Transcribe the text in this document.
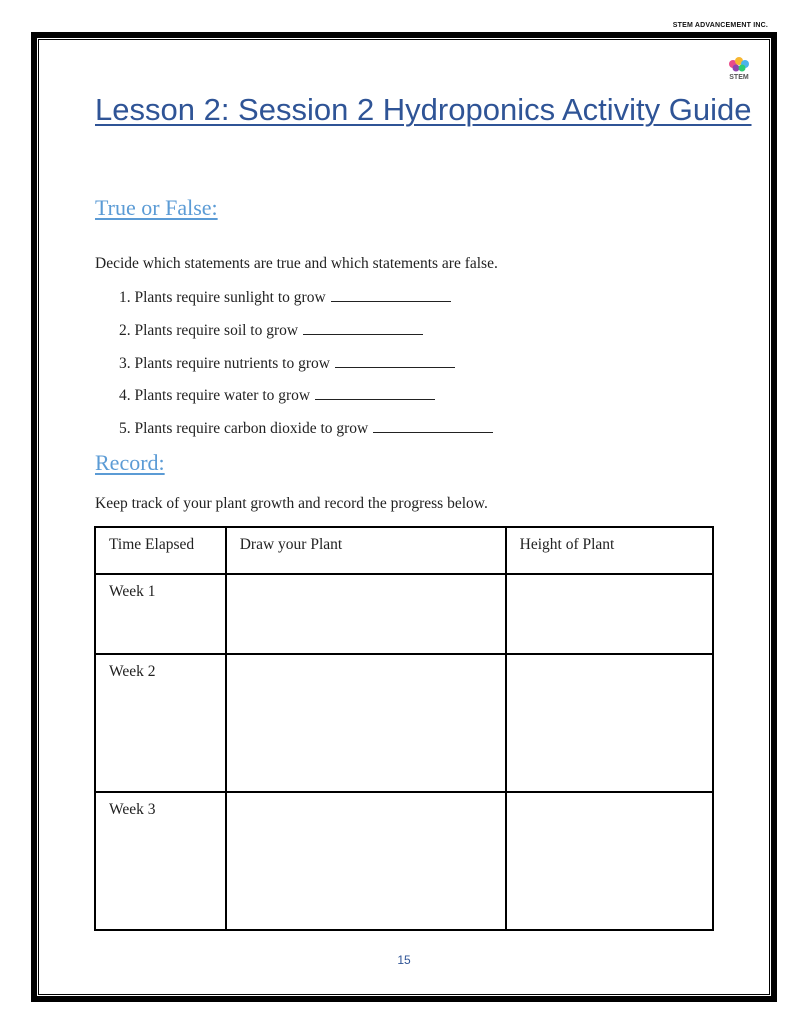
STEM ADVANCEMENT INC.
STEM
Lesson 2: Session 2 Hydroponics Activity Guide
True or False:
Decide which statements are true and which statements are false.
1. Plants require sunlight to grow
2. Plants require soil to grow
3. Plants require nutrients to grow
4. Plants require water to grow
5. Plants require carbon dioxide to grow
Record:
Keep track of your plant growth and record the progress below.
Time Elapsed	Draw your Plant	Height of Plant
Week 1		
Week 2		
Week 3		
15
